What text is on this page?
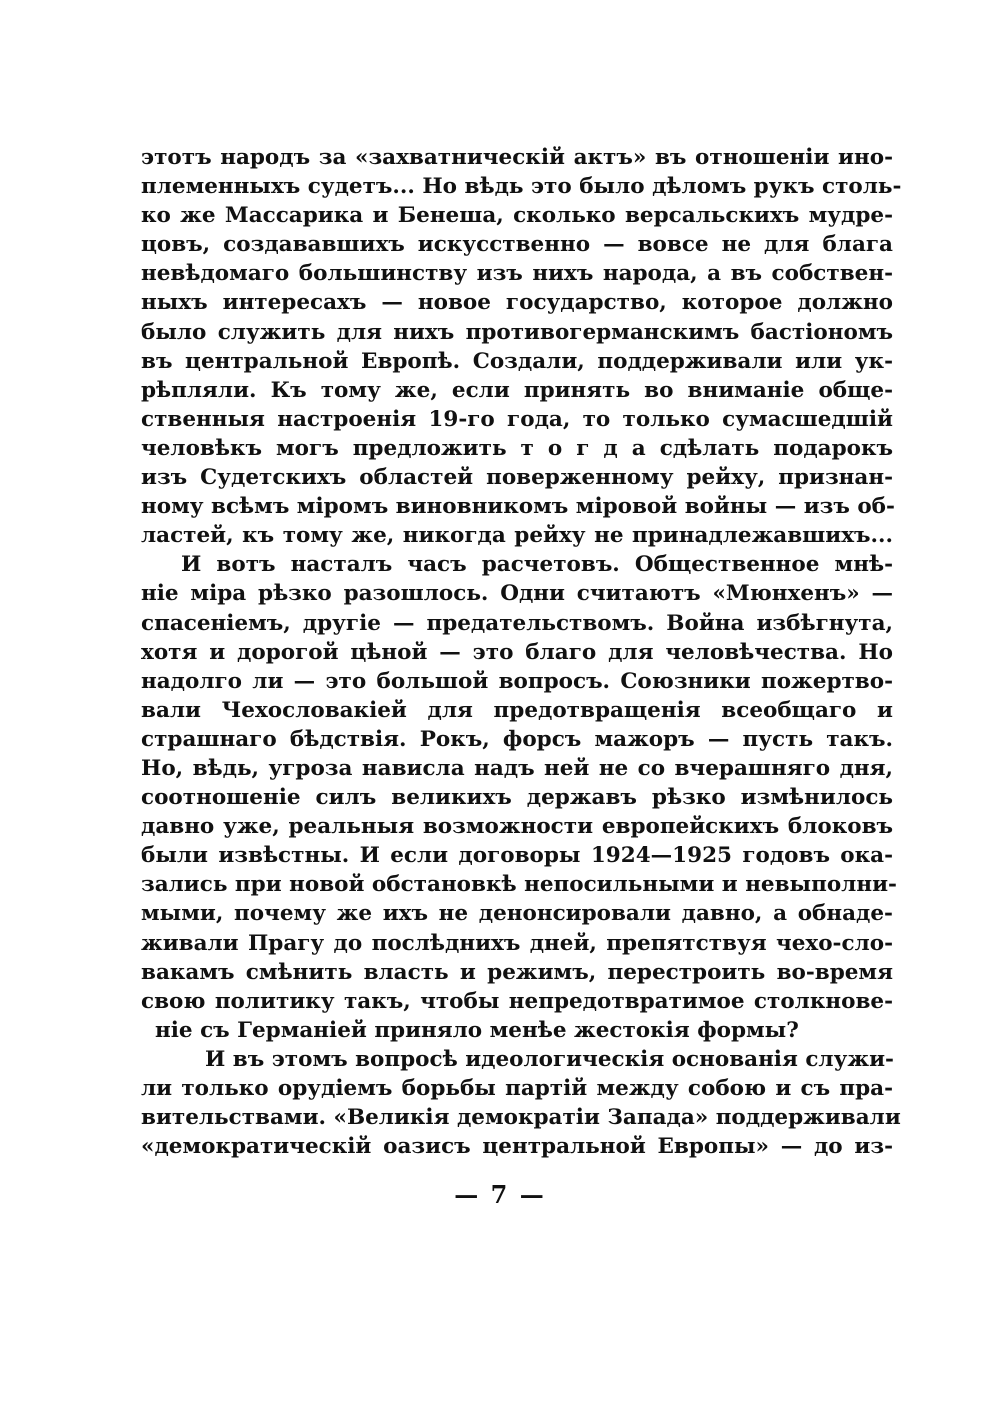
этотъ народъ за «захватническій актъ» въ отношеніи ино-
племенныхъ судетъ... Но вѣдь это было дѣломъ рукъ столь-
ко же Массарика и Бенеша, сколько версальскихъ мудре-
цовъ, создававшихъ искусственно — вовсе не для блага
невѣдомаго большинству изъ нихъ народа, а въ собствен-
ныхъ интересахъ — новое государство, которое должно
было служить для нихъ противогерманскимъ бастіономъ
въ центральной Европѣ. Создали, поддерживали или ук-
рѣпляли. Къ тому же, если принять во вниманіе обще-
ственныя настроенія 19-го года, то только сумасшедшій
человѣкъ могъ предложить т о г д а сдѣлать подарокъ
изъ Судетскихъ областей поверженному рейху, признан-
ному всѣмъ міромъ виновникомъ міровой войны — изъ об-
ластей, къ тому же, никогда рейху не принадлежавшихъ...
И вотъ насталъ часъ расчетовъ. Общественное мнѣ-
ніе міра рѣзко разошлось. Одни считаютъ «Мюнхенъ» —
спасеніемъ, другіе — предательствомъ. Война избѣгнута,
хотя и дорогой цѣной — это благо для человѣчества. Но
надолго ли — это большой вопросъ. Союзники пожертво-
вали Чехословакіей для предотвращенія всеобщаго и
страшнаго бѣдствія. Рокъ, форсъ мажоръ — пусть такъ.
Но, вѣдь, угроза нависла надъ ней не со вчерашняго дня,
соотношеніе силъ великихъ державъ рѣзко измѣнилось
давно уже, реальныя возможности европейскихъ блоковъ
были извѣстны. И если договоры 1924—1925 годовъ ока-
зались при новой обстановкѣ непосильными и невыполни-
мыми, почему же ихъ не денонсировали давно, а обнаде-
живали Прагу до послѣднихъ дней, препятствуя чехо-сло-
вакамъ смѣнить власть и режимъ, перестроить во-время
свою политику такъ, чтобы непредотвратимое столкнове-
ніе съ Германіей приняло менѣе жестокія формы?
И въ этомъ вопросѣ идеологическія основанія служи-
ли только орудіемъ борьбы партій между собою и съ пра-
вительствами. «Великія демократіи Запада» поддерживали
«демократическій оазисъ центральной Европы» — до из-
— 7 —
